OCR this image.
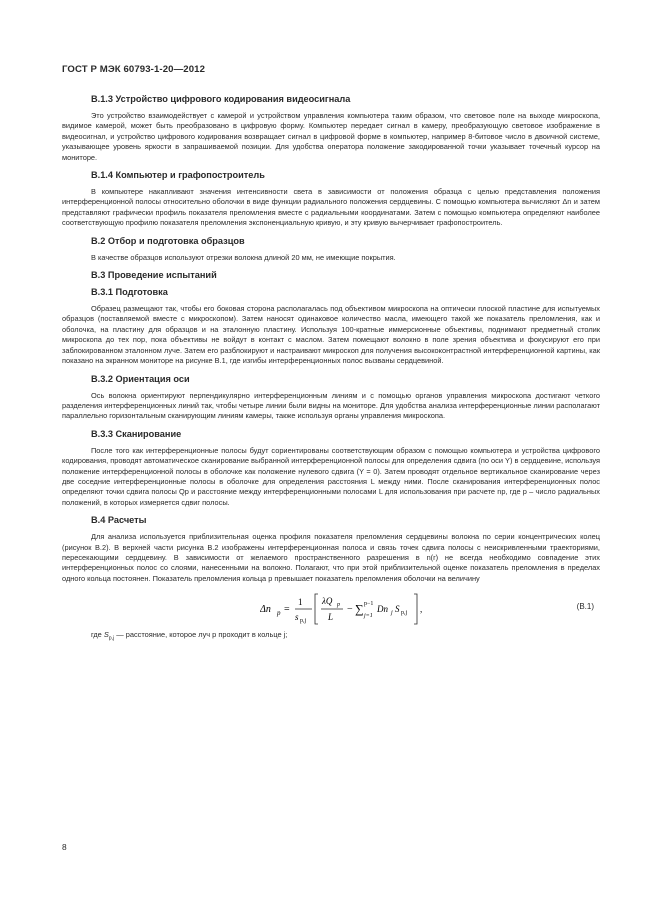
ГОСТ Р МЭК 60793-1-20—2012
В.1.3 Устройство цифрового кодирования видеосигнала

Это устройство взаимодействует с камерой и устройством управления компьютера таким образом, что световое поле на выходе микроскопа, видимое камерой, может быть преобразовано в цифровую форму. Компьютер передает сигнал в камеру, преобразующую световое изображение в видеосигнал, и устройство цифрового кодирования возвращает сигнал в цифровой форме в компьютер, например 8-битовое число в двоичной системе, указывающее уровень яркости в запрашиваемой позиции. Для удобства оператора положение закодированной точки указывает точечный курсор на мониторе.

В.1.4 Компьютер и графопостроитель

В компьютере накапливают значения интенсивности света в зависимости от положения образца с целью представления положения интерференционной полосы относительно оболочки в виде функции радиального положения сердцевины. С помощью компьютера вычисляют Δn и затем представляют графически профиль показателя преломления вместе с радиальными координатами. Затем с помощью компьютера определяют наиболее соответствующую профилю показателя преломления экспоненциальную кривую, и эту кривую вычерчивает графопостроитель.

В.2 Отбор и подготовка образцов

В качестве образцов используют отрезки волокна длиной 20 мм, не имеющие покрытия.

В.3 Проведение испытаний
В.3.1 Подготовка

Образец размещают так, чтобы его боковая сторона располагалась под объективом микроскопа на оптически плоской пластине для испытуемых образцов (поставляемой вместе с микроскопом). Затем наносят одинаковое количество масла, имеющего такой же показатель преломления, как и оболочка, на пластину для образцов и на эталонную пластину. Используя 100-кратные иммерсионные объективы, поднимают предметный столик микроскопа до тех пор, пока объективы не войдут в контакт с маслом. Затем помещают волокно в поле зрения объектива и фокусируют его при заблокированном эталонном луче. Затем его разблокируют и настраивают микроскоп для получения высококонтрастной интерференционной картины, как показано на экранном мониторе на рисунке В.1, где изгибы интерференционных полос вызваны сердцевиной.

В.3.2 Ориентация оси

Ось волокна ориентируют перпендикулярно интерференционным линиям и с помощью органов управления микроскопа достигают четкого разделения интерференционных линий так, чтобы четыре линии были видны на мониторе. Для удобства анализа интерференционные линии располагают параллельно горизонтальным сканирующим линиям камеры, также используя органы управления микроскопа.

В.3.3 Сканирование

После того как интерференционные полосы будут сориентированы соответствующим образом с помощью компьютера и устройства цифрового кодирования, проводят автоматическое сканирование выбранной интерференционной полосы для определения сдвига (по оси Y) в сердцевине, используя положение интерференционной полосы в оболочке как положение нулевого сдвига (Y = 0). Затем проводят отдельное вертикальное сканирование через две соседние интерференционные полосы в оболочке для определения расстояния L между ними. После сканирования интерференционных полос определяют точки сдвига полосы Qp и расстояние между интерференционными полосами L для использования при расчете np, где p – число радиальных положений, в которых измеряется сдвиг полосы.

В.4 Расчеты

Для анализа используется приблизительная оценка профиля показателя преломления сердцевины волокна по серии концентрических колец (рисунок В.2). В верхней части рисунка В.2 изображены интерференционная полоса и связь точек сдвига полосы с неискривленными траекториями, пересекающими сердцевину. В зависимости от желаемого пространственного разрешения в n(r) не всегда необходимо совпадение этих интерференционных полос со слоями, нанесенными на волокно. Полагают, что при этой приблизительной оценке показатель преломления в пределах одного кольца постоянен. Показатель преломления кольца p превышает показатель преломления оболочки на величину

Δn p =
1
s p,j
λQ p
L
− ∑ p−1
j=1
Dn j S p,j ,	(В.1)

где $S_{p,j}$ — расстояние, которое луч p проходит в кольце j;

8
